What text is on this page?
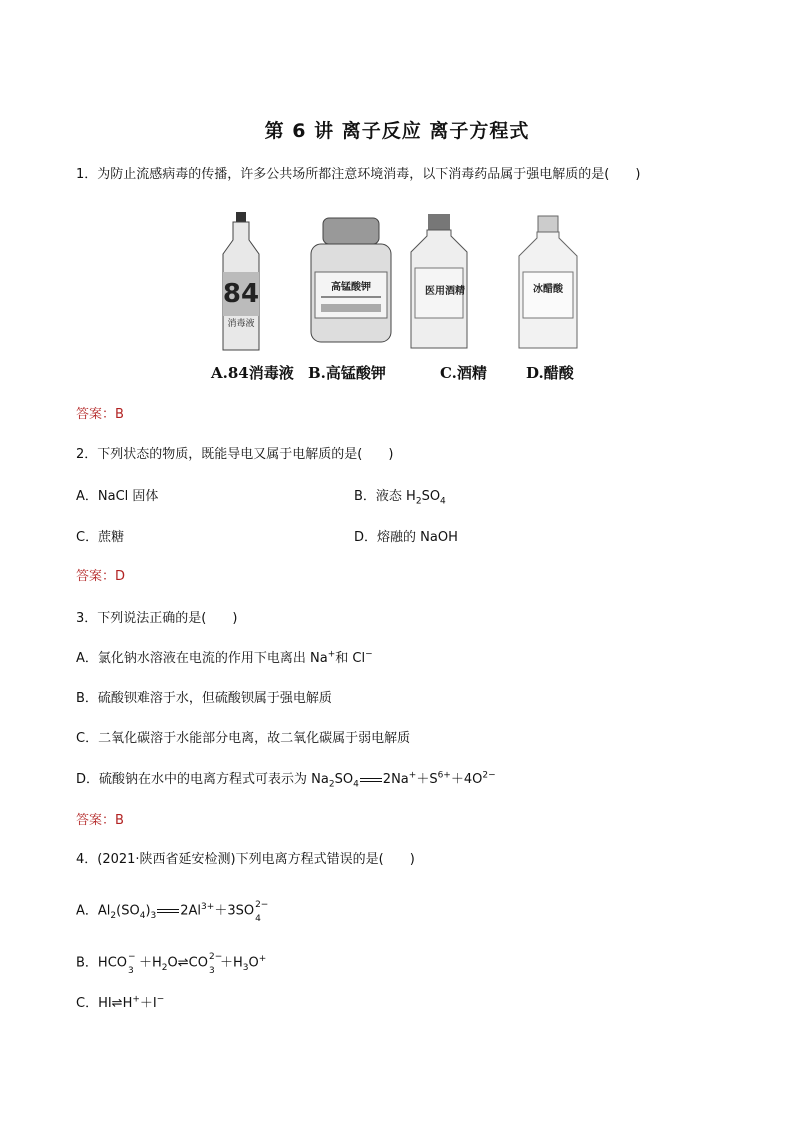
第 6 讲 离子反应 离子方程式
1．为防止流感病毒的传播，许多公共场所都注意环境消毒，以下消毒药品属于强电解质的是(　　)
84
消毒液
高锰酸钾	医用酒精	冰醋酸
A.84消毒液 B.高锰酸钾	C.酒精	D.醋酸
答案：B
2．下列状态的物质，既能导电又属于电解质的是(　　)
A．NaCl 固体	B．液态 $H_2SO_4$
C．蔗糖	D．熔融的 NaOH
答案：D
3．下列说法正确的是(　　)
A．氯化钠水溶液在电流的作用下电离出 Na+和 Cl−
B．硫酸钡难溶于水，但硫酸钡属于强电解质
C．二氧化碳溶于水能部分电离，故二氧化碳属于弱电解质
D．硫酸钠在水中的电离方程式可表示为 $Na_2SO_4$ $2Na^++S^{6+}+4O^{2-}$
答案：B
4．(2021·陕西省延安检测)下列电离方程式错误的是(　　)
A．$Al_2(SO_4)_3$ $2Al^{3+}+3SO$ 2−
4
B．HCO −
3
$+H_2O\rightleftharpoons CO$ 2−
3
$+H_3O^+$
C．HI⇌H+＋I−
